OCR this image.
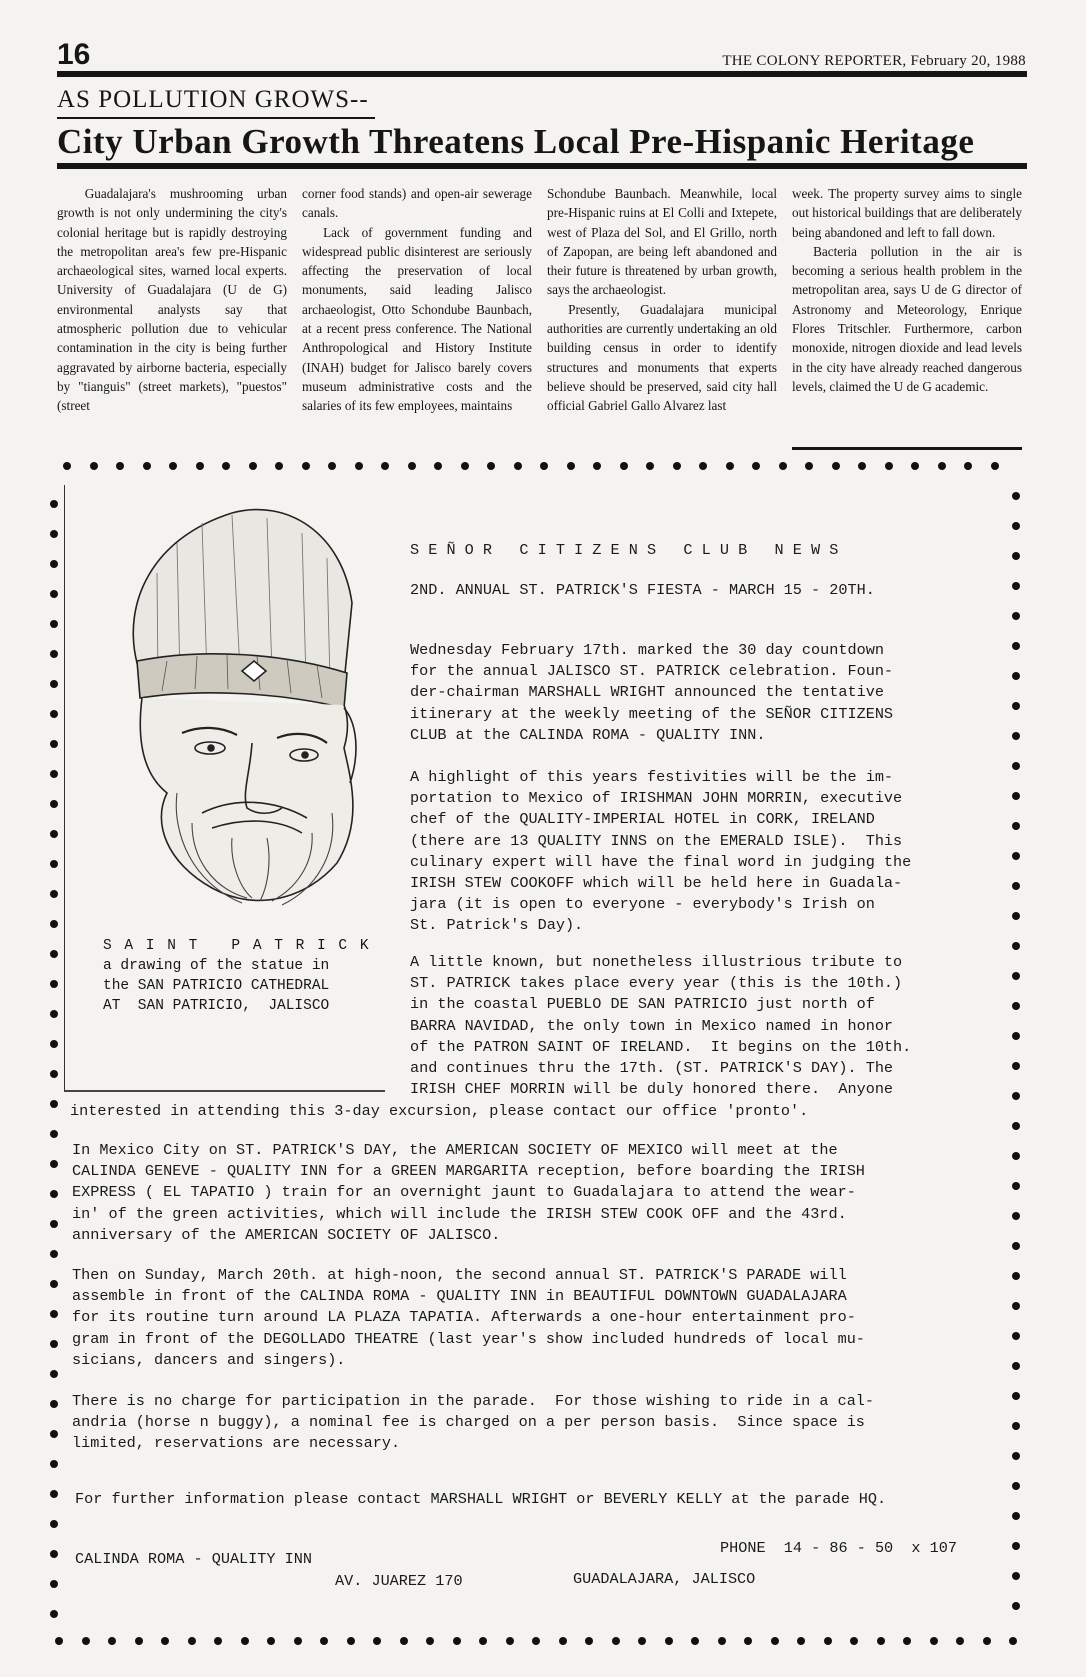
16	THE COLONY REPORTER, February 20, 1988
AS POLLUTION GROWS--
City Urban Growth Threatens Local Pre-Hispanic Heritage

Guadalajara's mushrooming urban growth is not only undermining the city's colonial heritage but is rapidly destroying the metropolitan area's few pre-Hispanic archaeological sites, warned local experts. University of Guadalajara (U de G) environmental analysts say that atmospheric pollution due to vehicular contamination in the city is being further aggravated by airborne bacteria, especially by "tianguis" (street markets), "puestos" (street

corner food stands) and open-air sewerage canals.

Lack of government funding and widespread public disinterest are seriously affecting the preservation of local monuments, said leading Jalisco archaeologist, Otto Schondube Baunbach, at a recent press conference. The National Anthropological and History Institute (INAH) budget for Jalisco barely covers museum administrative costs and the salaries of its few employees, maintains

Schondube Baunbach. Meanwhile, local pre-Hispanic ruins at El Colli and Ixtepete, west of Plaza del Sol, and El Grillo, north of Zapopan, are being left abandoned and their future is threatened by urban growth, says the archaeologist.

Presently, Guadalajara municipal authorities are currently undertaking an old building census in order to identify structures and monuments that experts believe should be preserved, said city hall official Gabriel Gallo Alvarez last

week. The property survey aims to single out historical buildings that are deliberately being abandoned and left to fall down.

Bacteria pollution in the air is becoming a serious health problem in the metropolitan area, says U de G director of Astronomy and Meteorology, Enrique Flores Tritschler. Furthermore, carbon monoxide, nitrogen dioxide and lead levels in the city have already reached dangerous levels, claimed the U de G academic.

S A I N T   P A T R I C K
a drawing of the statue in
the SAN PATRICIO CATHEDRAL
AT  SAN PATRICIO,  JALISCO
S E Ñ O R   C I T I Z E N S   C L U B   N E W S
2ND. ANNUAL ST. PATRICK'S FIESTA - MARCH 15 - 20TH.
Wednesday February 17th. marked the 30 day countdown
for the annual JALISCO ST. PATRICK celebration. Foun-
der-chairman MARSHALL WRIGHT announced the tentative
itinerary at the weekly meeting of the SEÑOR CITIZENS
CLUB at the CALINDA ROMA - QUALITY INN.
A highlight of this years festivities will be the im-
portation to Mexico of IRISHMAN JOHN MORRIN, executive
chef of the QUALITY-IMPERIAL HOTEL in CORK, IRELAND
(there are 13 QUALITY INNS on the EMERALD ISLE).  This
culinary expert will have the final word in judging the
IRISH STEW COOKOFF which will be held here in Guadala-
jara (it is open to everyone - everybody's Irish on
St. Patrick's Day).
A little known, but nonetheless illustrious tribute to
ST. PATRICK takes place every year (this is the 10th.)
in the coastal PUEBLO DE SAN PATRICIO just north of
BARRA NAVIDAD, the only town in Mexico named in honor
of the PATRON SAINT OF IRELAND.  It begins on the 10th.
and continues thru the 17th. (ST. PATRICK'S DAY). The
IRISH CHEF MORRIN will be duly honored there.  Anyone
In Mexico City on ST. PATRICK'S DAY, the AMERICAN SOCIETY OF MEXICO will meet at the
CALINDA GENEVE - QUALITY INN for a GREEN MARGARITA reception, before boarding the IRISH
EXPRESS ( EL TAPATIO ) train for an overnight jaunt to Guadalajara to attend the wear-
in' of the green activities, which will include the IRISH STEW COOK OFF and the 43rd.
anniversary of the AMERICAN SOCIETY OF JALISCO.
Then on Sunday, March 20th. at high-noon, the second annual ST. PATRICK'S PARADE will
assemble in front of the CALINDA ROMA - QUALITY INN in BEAUTIFUL DOWNTOWN GUADALAJARA
for its routine turn around LA PLAZA TAPATIA. Afterwards a one-hour entertainment pro-
gram in front of the DEGOLLADO THEATRE (last year's show included hundreds of local mu-
sicians, dancers and singers).
There is no charge for participation in the parade.  For those wishing to ride in a cal-
andria (horse n buggy), a nominal fee is charged on a per person basis.  Since space is
limited, reservations are necessary.
interested in attending this 3-day excursion, please contact our office 'pronto'.
For further information please contact MARSHALL WRIGHT or BEVERLY KELLY at the parade HQ.
CALINDA ROMA - QUALITY INN
PHONE  14 - 86 - 50  x 107
AV. JUAREZ 170	GUADALAJARA, JALISCO
